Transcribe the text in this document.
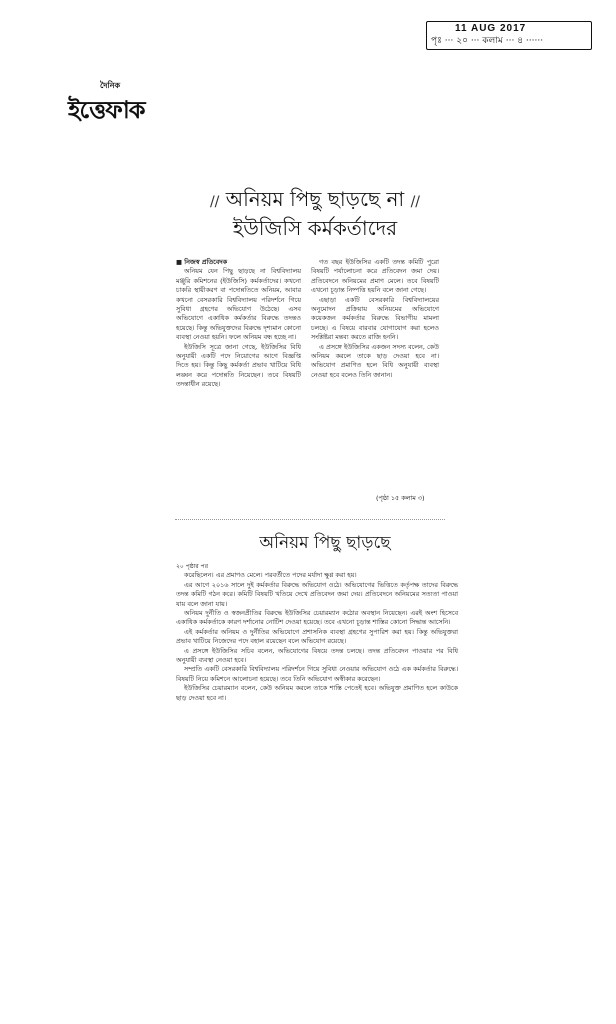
11 AUG 2017
পৃঃ ··· ২০ ··· কলাম ··· ৪ ······
দৈনিক
ইত্তেফাক
// অনিয়ম পিছু ছাড়ছে না //
ইউজিসি কর্মকর্তাদের

■ নিজস্ব প্রতিবেদক

অনিয়ম যেন পিছু ছাড়ছে না বিশ্ববিদ্যালয় মঞ্জুরি কমিশনের (ইউজিসি) কর্মকর্তাদের। কখনো চাকরি স্থায়ীকরণ বা পদোন্নতিতে অনিয়ম, আবার কখনো বেসরকারি বিশ্ববিদ্যালয় পরিদর্শনে গিয়ে সুবিধা গ্রহণের অভিযোগ উঠেছে। এসব অভিযোগে একাধিক কর্মকর্তার বিরুদ্ধে তদন্তও হয়েছে। কিন্তু অভিযুক্তদের বিরুদ্ধে দৃশ্যমান কোনো ব্যবস্থা নেওয়া হয়নি। ফলে অনিয়ম বন্ধ হচ্ছে না।

ইউজিসি সূত্রে জানা গেছে, ইউজিসির বিধি অনুযায়ী একটি পদে নিয়োগের আগে বিজ্ঞপ্তি দিতে হয়। কিন্তু কিছু কর্মকর্তা প্রভাব খাটিয়ে বিধি লঙ্ঘন করে পদোন্নতি নিয়েছেন। তবে বিষয়টি তদন্তাধীন রয়েছে।

গত বছর ইউজিসির একটি তদন্ত কমিটি পুরো বিষয়টি পর্যালোচনা করে প্রতিবেদন জমা দেয়। প্রতিবেদনে অনিয়মের প্রমাণ মেলে। তবে বিষয়টি এখনো চূড়ান্ত নিষ্পত্তি হয়নি বলে জানা গেছে।

এছাড়া একটি বেসরকারি বিশ্ববিদ্যালয়ের অনুমোদন প্রক্রিয়ায় অনিয়মের অভিযোগে কয়েকজন কর্মকর্তার বিরুদ্ধে বিভাগীয় মামলা চলছে। এ বিষয়ে বারবার যোগাযোগ করা হলেও সংশ্লিষ্টরা মন্তব্য করতে রাজি হননি।

এ প্রসঙ্গে ইউজিসির একজন সদস্য বলেন, কেউ অনিয়ম করলে তাকে ছাড় দেওয়া হবে না। অভিযোগ প্রমাণিত হলে বিধি অনুযায়ী ব্যবস্থা নেওয়া হবে বলেও তিনি জানান।

(পৃষ্ঠা ১৫ কলাম ৩)
অনিয়ম পিছু ছাড়ছে
২০ পৃষ্ঠার পর

করেছিলেন। এর প্রমাণও মেলে। পরবর্তীতে পদের মর্যাদা ক্ষুণ্ণ করা হয়।

এর আগে ২০১৬ সালে দুই কর্মকর্তার বিরুদ্ধে অভিযোগ ওঠে। অভিযোগের ভিত্তিতে কর্তৃপক্ষ তাদের বিরুদ্ধে তদন্ত কমিটি গঠন করে। কমিটি বিষয়টি খতিয়ে দেখে প্রতিবেদন জমা দেয়। প্রতিবেদনে অনিয়মের সত্যতা পাওয়া যায় বলে জানা যায়।

অনিয়ম দুর্নীতি ও স্বজনপ্রীতির বিরুদ্ধে ইউজিসির চেয়ারম্যান কঠোর অবস্থান নিয়েছেন। এরই অংশ হিসেবে একাধিক কর্মকর্তাকে কারণ দর্শানোর নোটিশ দেওয়া হয়েছে। তবে এখনো চূড়ান্ত শাস্তির কোনো সিদ্ধান্ত আসেনি।

এই কর্মকর্তার অনিয়ম ও দুর্নীতির অভিযোগে প্রশাসনিক ব্যবস্থা গ্রহণের সুপারিশ করা হয়। কিন্তু অভিযুক্তরা প্রভাব খাটিয়ে নিজেদের পদে বহাল রয়েছেন বলে অভিযোগ রয়েছে।

এ প্রসঙ্গে ইউজিসির সচিব বলেন, অভিযোগের বিষয়ে তদন্ত চলছে। তদন্ত প্রতিবেদন পাওয়ার পর বিধি অনুযায়ী ব্যবস্থা নেওয়া হবে।

সম্প্রতি একটি বেসরকারি বিশ্ববিদ্যালয় পরিদর্শনে গিয়ে সুবিধা নেওয়ার অভিযোগ ওঠে এক কর্মকর্তার বিরুদ্ধে। বিষয়টি নিয়ে কমিশনে আলোচনা হয়েছে। তবে তিনি অভিযোগ অস্বীকার করেছেন।

ইউজিসির চেয়ারম্যান বলেন, কেউ অনিয়ম করলে তাকে শাস্তি পেতেই হবে। অভিযুক্ত প্রমাণিত হলে কাউকে ছাড় দেওয়া হবে না।
